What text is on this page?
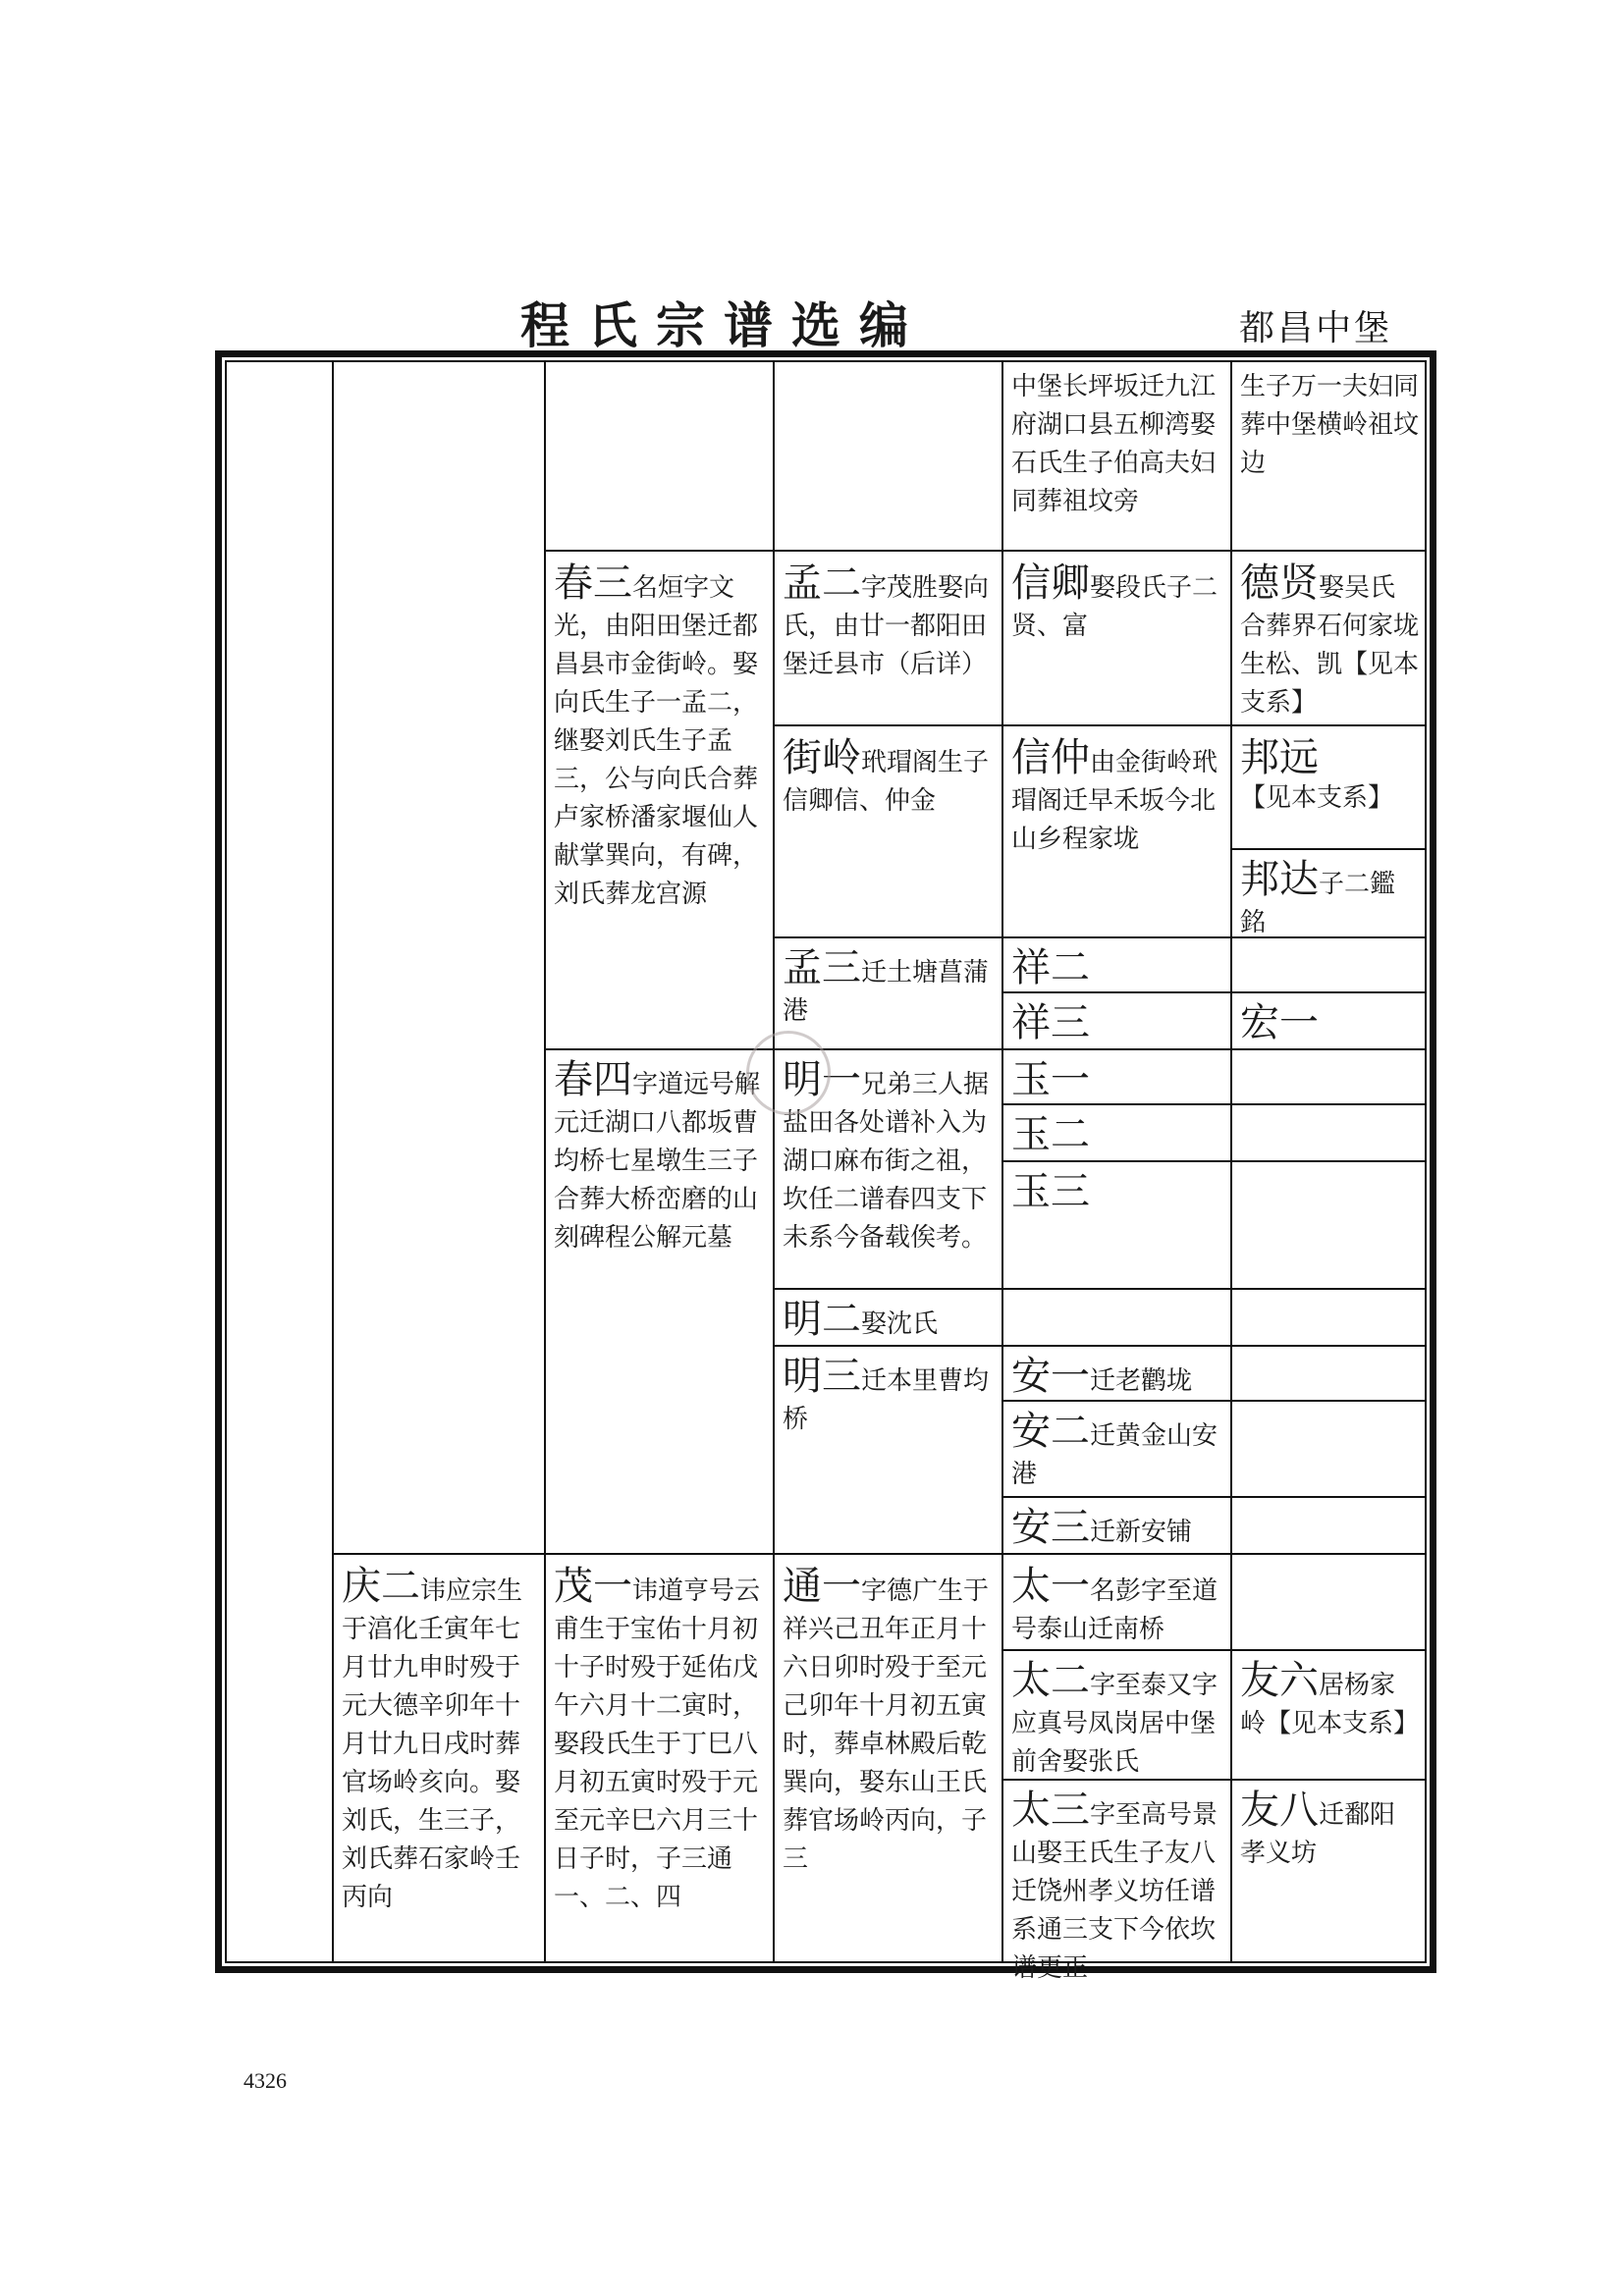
程氏宗谱选编	都昌中堡
中堡长坪坂迁九江府湖口县五柳湾娶石氏生子伯高夫妇同葬祖坟旁
生子万一夫妇同葬中堡横岭祖坟边
春三名烜字文光，由阳田堡迁都昌县市金街岭。娶向氏生子一孟二，继娶刘氏生子孟三，公与向氏合葬卢家桥潘家堰仙人献掌巽向，有碑，刘氏葬龙宫源
孟二字茂胜娶向氏，由廿一都阳田堡迁县市（后详）
信卿娶段氏子二贤、富
德贤娶吴氏合葬界石何家垅生松、凯【见本支系】
街岭玳瑁阁生子信卿信、仲金
信仲由金街岭玳瑁阁迁早禾坂今北山乡程家垅
邦远
【见本支系】
邦达子二鑑銘
孟三迁土塘菖蒲港
祥二
祥三	宏一
春四字道远号解元迁湖口八都坂曹均桥七星墩生三子合葬大桥峦磨的山刻碑程公解元墓
明一兄弟三人据盐田各处谱补入为湖口麻布街之祖，坎任二谱春四支下未系今备载俟考。
玉一
玉二
玉三
明二娶沈氏
明三迁本里曹均桥
安一迁老鹳垅
安二迁黄金山安港
安三迁新安铺
庆二讳应宗生于湻化壬寅年七月廿九申时殁于元大德辛卯年十月廿九日戌时葬官场岭亥向。娶刘氏，生三子，刘氏葬石家岭壬丙向
茂一讳道亨号云甫生于宝佑十月初十子时殁于延佑戊午六月十二寅时，娶段氏生于丁巳八月初五寅时殁于元至元辛巳六月三十日子时，子三通一、二、四
通一字德广生于祥兴己丑年正月十六日卯时殁于至元己卯年十月初五寅时，葬卓林殿后乾巽向，娶东山王氏葬官场岭丙向，子三
太一名彭字至道号泰山迁南桥
太二字至泰又字应真号凤岗居中堡前舍娶张氏
友六居杨家岭【见本支系】
太三字至高号景山娶王氏生子友八迁饶州孝义坊任谱系通三支下今依坎谱更正
友八迁鄱阳孝义坊
4326
